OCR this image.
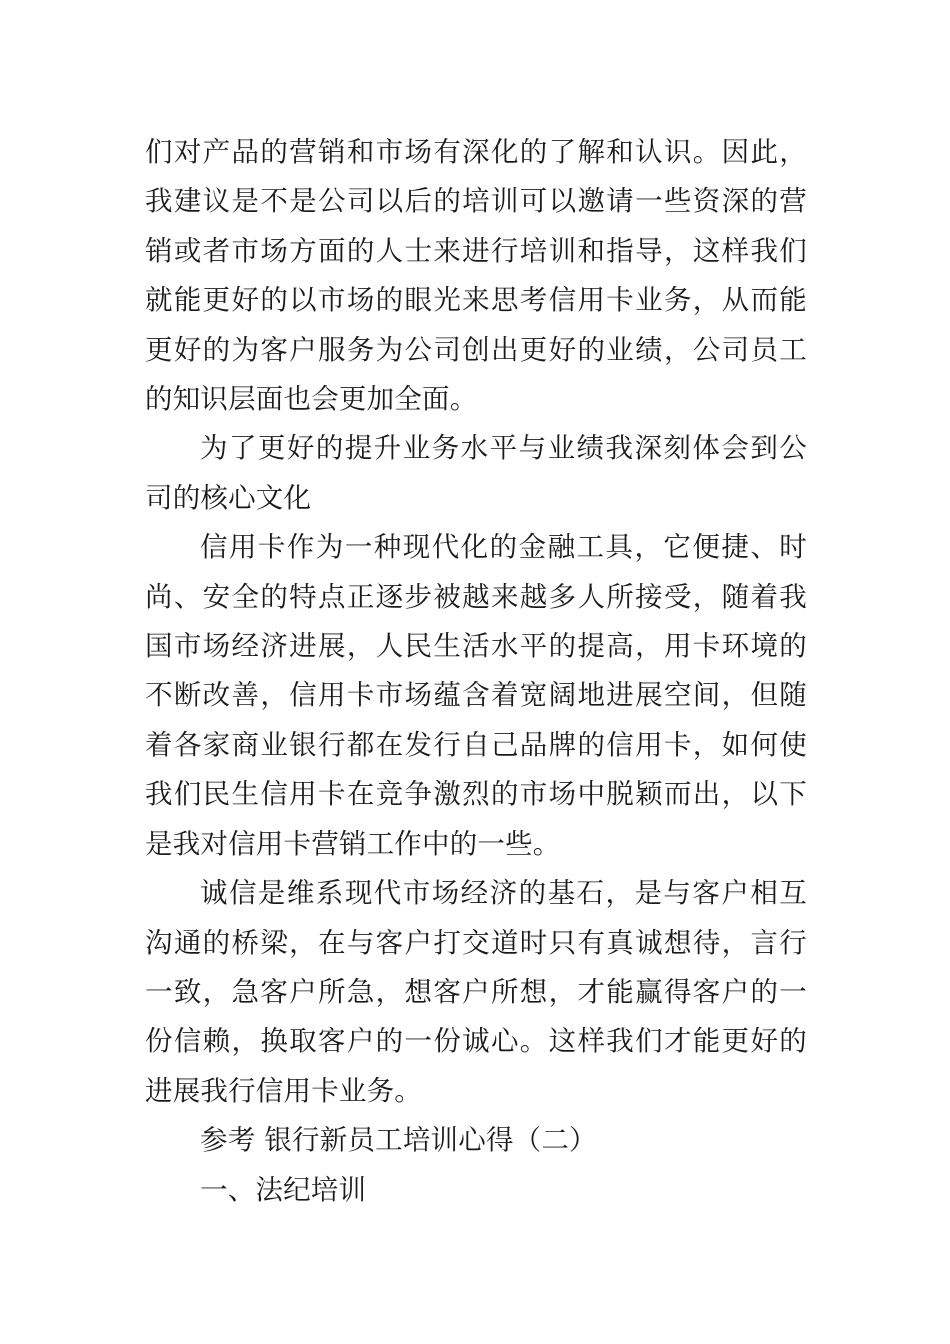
们对产品的营销和市场有深化的了解和认识。因此，我建议是不是公司以后的培训可以邀请一些资深的营销或者市场方面的人士来进行培训和指导，这样我们就能更好的以市场的眼光来思考信用卡业务，从而能更好的为客户服务为公司创出更好的业绩，公司员工的知识层面也会更加全面。

为了更好的提升业务水平与业绩我深刻体会到公司的核心文化

信用卡作为一种现代化的金融工具，它便捷、时尚、安全的特点正逐步被越来越多人所接受，随着我国市场经济进展，人民生活水平的提高，用卡环境的不断改善，信用卡市场蕴含着宽阔地进展空间，但随着各家商业银行都在发行自己品牌的信用卡，如何使我们民生信用卡在竞争激烈的市场中脱颖而出，以下是我对信用卡营销工作中的一些。

诚信是维系现代市场经济的基石，是与客户相互沟通的桥梁，在与客户打交道时只有真诚想待，言行一致，急客户所急，想客户所想，才能赢得客户的一份信赖，换取客户的一份诚心。这样我们才能更好的进展我行信用卡业务。

参考 银行新员工培训心得（二）

一、法纪培训
